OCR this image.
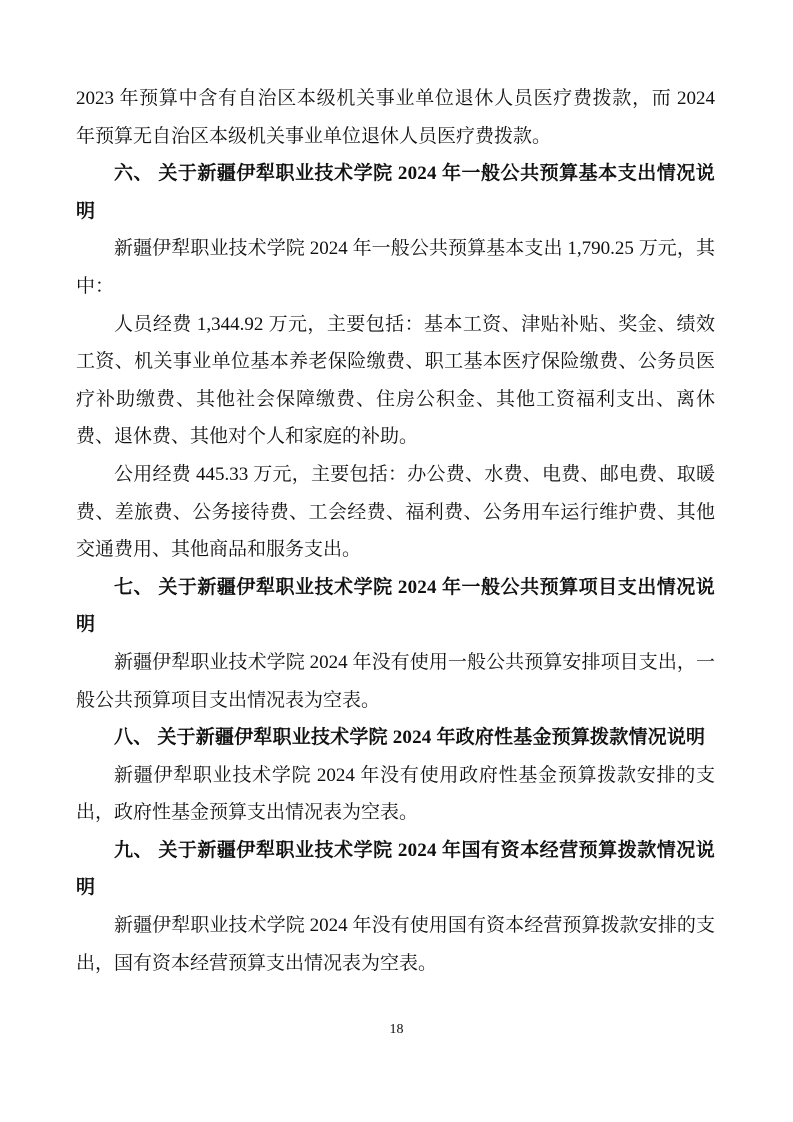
2023 年预算中含有自治区本级机关事业单位退休人员医疗费拨款，而 2024 年预算无自治区本级机关事业单位退休人员医疗费拨款。

六、 关于新疆伊犁职业技术学院 2024 年一般公共预算基本支出情况说明

新疆伊犁职业技术学院 2024 年一般公共预算基本支出 1,790.25 万元，其中：

人员经费 1,344.92 万元，主要包括：基本工资、津贴补贴、奖金、绩效工资、机关事业单位基本养老保险缴费、职工基本医疗保险缴费、公务员医疗补助缴费、其他社会保障缴费、住房公积金、其他工资福利支出、离休费、退休费、其他对个人和家庭的补助。

公用经费 445.33 万元，主要包括：办公费、水费、电费、邮电费、取暖费、差旅费、公务接待费、工会经费、福利费、公务用车运行维护费、其他交通费用、其他商品和服务支出。

七、 关于新疆伊犁职业技术学院 2024 年一般公共预算项目支出情况说明

新疆伊犁职业技术学院 2024 年没有使用一般公共预算安排项目支出，一般公共预算项目支出情况表为空表。

八、 关于新疆伊犁职业技术学院 2024 年政府性基金预算拨款情况说明

新疆伊犁职业技术学院 2024 年没有使用政府性基金预算拨款安排的支出，政府性基金预算支出情况表为空表。

九、 关于新疆伊犁职业技术学院 2024 年国有资本经营预算拨款情况说明

新疆伊犁职业技术学院 2024 年没有使用国有资本经营预算拨款安排的支出，国有资本经营预算支出情况表为空表。

18
